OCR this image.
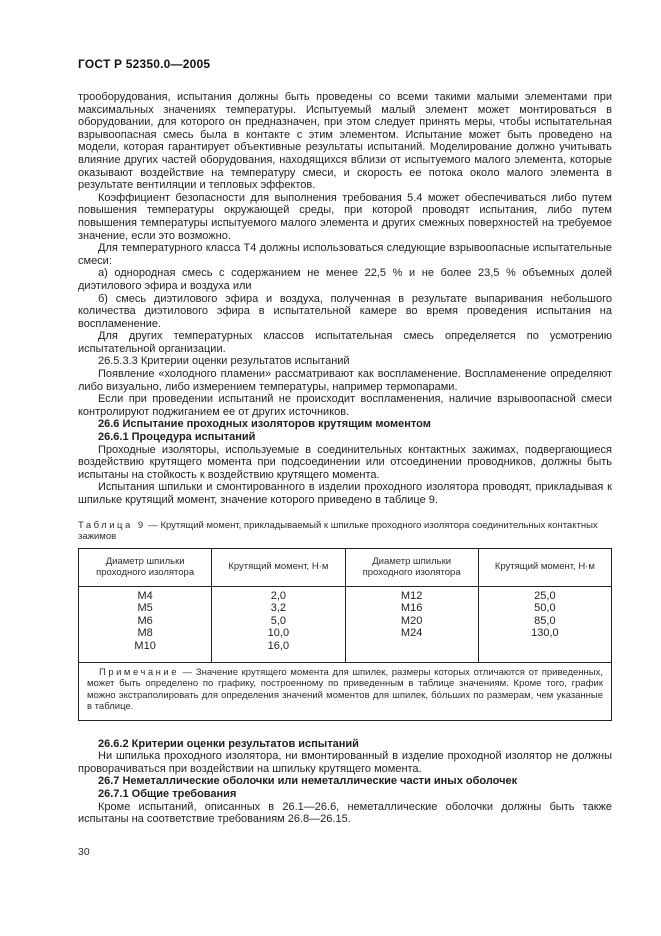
ГОСТ Р 52350.0—2005

трооборудования, испытания должны быть проведены со всеми такими малыми элементами при максимальных значениях температуры. Испытуемый малый элемент может монтироваться в оборудовании, для которого он предназначен, при этом следует принять меры, чтобы испытательная взрывоопасная смесь была в контакте с этим элементом. Испытание может быть проведено на модели, которая гарантирует объективные результаты испытаний. Моделирование должно учитывать влияние других частей оборудования, находящихся вблизи от испытуемого малого элемента, которые оказывают воздействие на температуру смеси, и скорость ее потока около малого элемента в результате вентиляции и тепловых эффектов.

Коэффициент безопасности для выполнения требования 5.4 может обеспечиваться либо путем повышения температуры окружающей среды, при которой проводят испытания, либо путем повышения температуры испытуемого малого элемента и других смежных поверхностей на требуемое значение, если это возможно.

Для температурного класса Т4 должны использоваться следующие взрывоопасные испытательные смеси:

а) однородная смесь с содержанием не менее 22,5 % и не более 23,5 % объемных долей диэтилового эфира и воздуха или

б) смесь диэтилового эфира и воздуха, полученная в результате выпаривания небольшого количества диэтилового эфира в испытательной камере во время проведения испытания на воспламенение.

Для других температурных классов испытательная смесь определяется по усмотрению испытательной организации.

26.5.3.3 Критерии оценки результатов испытаний

Появление «холодного пламени» рассматривают как воспламенение. Воспламенение определяют либо визуально, либо измерением температуры, например термопарами.

Если при проведении испытаний не происходит воспламенения, наличие взрывоопасной смеси контролируют поджиганием ее от других источников.

26.6 Испытание проходных изоляторов крутящим моментом

26.6.1 Процедура испытаний

Проходные изоляторы, используемые в соединительных контактных зажимах, подвергающиеся воздействию крутящего момента при подсоединении или отсоединении проводников, должны быть испытаны на стойкость к воздействию крутящего момента.

Испытания шпильки и смонтированного в изделии проходного изолятора проводят, прикладывая к шпильке крутящий момент, значение которого приведено в таблице 9.

Таблица 9 — Крутящий момент, прикладываемый к шпильке проходного изолятора соединительных контактных зажимов

Диаметр шпильки проходного изолятора	Крутящий момент, Н·м	Диаметр шпильки проходного изолятора	Крутящий момент, Н·м
М4	2,0	М12	25,0
М5	3,2	М16	50,0
М6	5,0	М20	85,0
М8	10,0	М24	130,0
М10	16,0		
Примечание — Значение крутящего момента для шпилек, размеры которых отличаются от приведенных, может быть определено по графику, построенному по приведенным в таблице значениям. Кроме того, график можно экстраполировать для определения значений моментов для шпилек, бо́льших по размерам, чем указанные в таблице.			

26.6.2 Критерии оценки результатов испытаний

Ни шпилька проходного изолятора, ни вмонтированный в изделие проходной изолятор не должны проворачиваться при воздействии на шпильку крутящего момента.

26.7 Неметаллические оболочки или неметаллические части иных оболочек

26.7.1 Общие требования

Кроме испытаний, описанных в 26.1—26.6, неметаллические оболочки должны быть также испытаны на соответствие требованиям 26.8—26.15.

30
